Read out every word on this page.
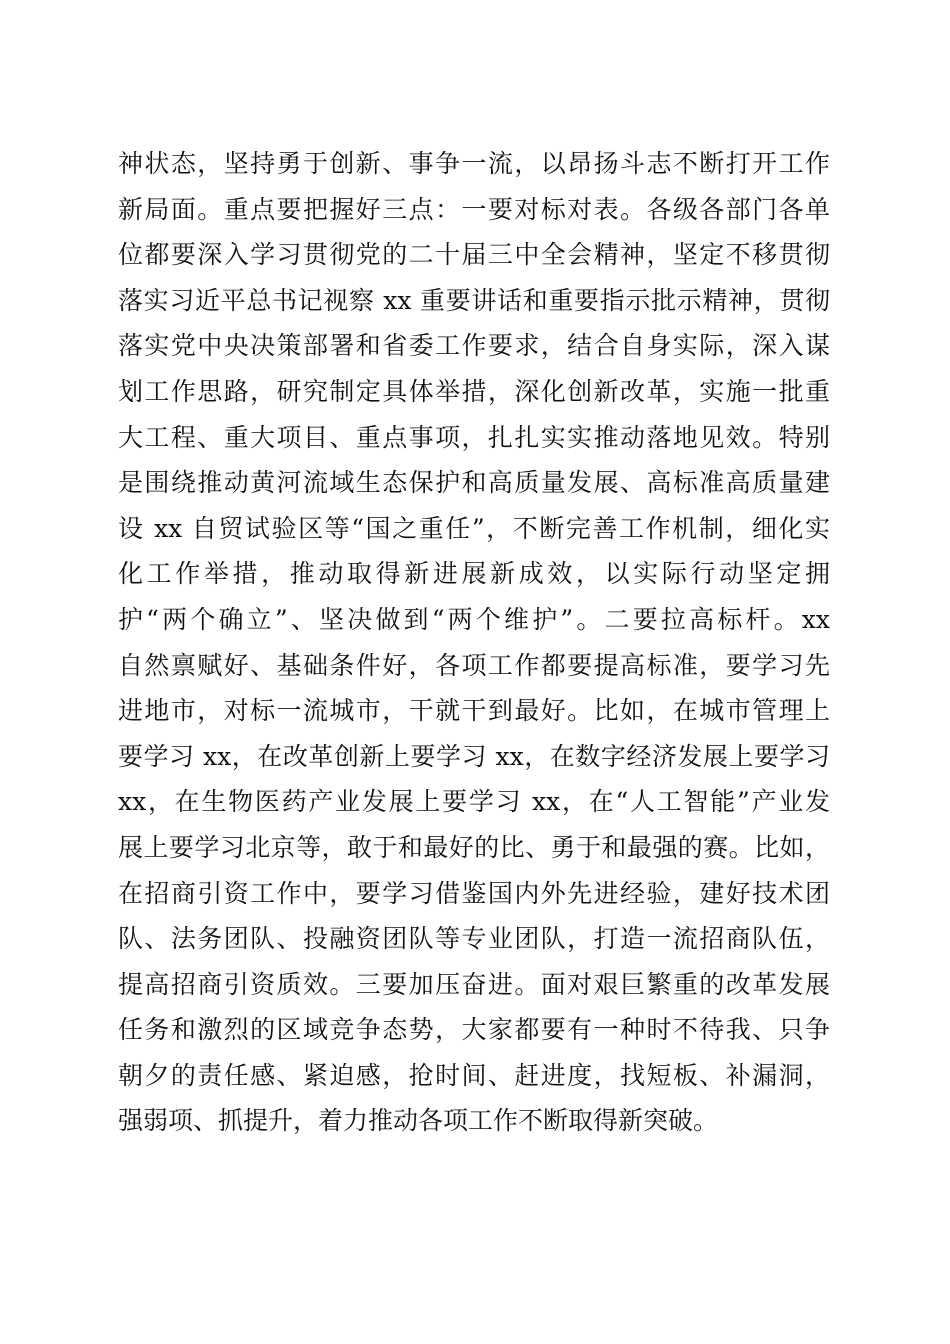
神状态，坚持勇于创新、事争一流，以昂扬斗志不断打开工作
新局面。重点要把握好三点：一要对标对表。各级各部门各单
位都要深入学习贯彻党的二十届三中全会精神，坚定不移贯彻
落实习近平总书记视察 xx 重要讲话和重要指示批示精神，贯彻
落实党中央决策部署和省委工作要求，结合自身实际，深入谋
划工作思路，研究制定具体举措，深化创新改革，实施一批重
大工程、重大项目、重点事项，扎扎实实推动落地见效。特别
是围绕推动黄河流域生态保护和高质量发展、高标准高质量建
设 xx 自贸试验区等“国之重任”，不断完善工作机制，细化实
化工作举措，推动取得新进展新成效，以实际行动坚定拥
护“两个确立”、坚决做到“两个维护”。二要拉高标杆。xx
自然禀赋好、基础条件好，各项工作都要提高标准，要学习先
进地市，对标一流城市，干就干到最好。比如，在城市管理上
要学习 xx，在改革创新上要学习 xx，在数字经济发展上要学习
xx，在生物医药产业发展上要学习 xx，在“人工智能”产业发
展上要学习北京等，敢于和最好的比、勇于和最强的赛。比如，
在招商引资工作中，要学习借鉴国内外先进经验，建好技术团
队、法务团队、投融资团队等专业团队，打造一流招商队伍，
提高招商引资质效。三要加压奋进。面对艰巨繁重的改革发展
任务和激烈的区域竞争态势，大家都要有一种时不待我、只争
朝夕的责任感、紧迫感，抢时间、赶进度，找短板、补漏洞，
强弱项、抓提升，着力推动各项工作不断取得新突破。
